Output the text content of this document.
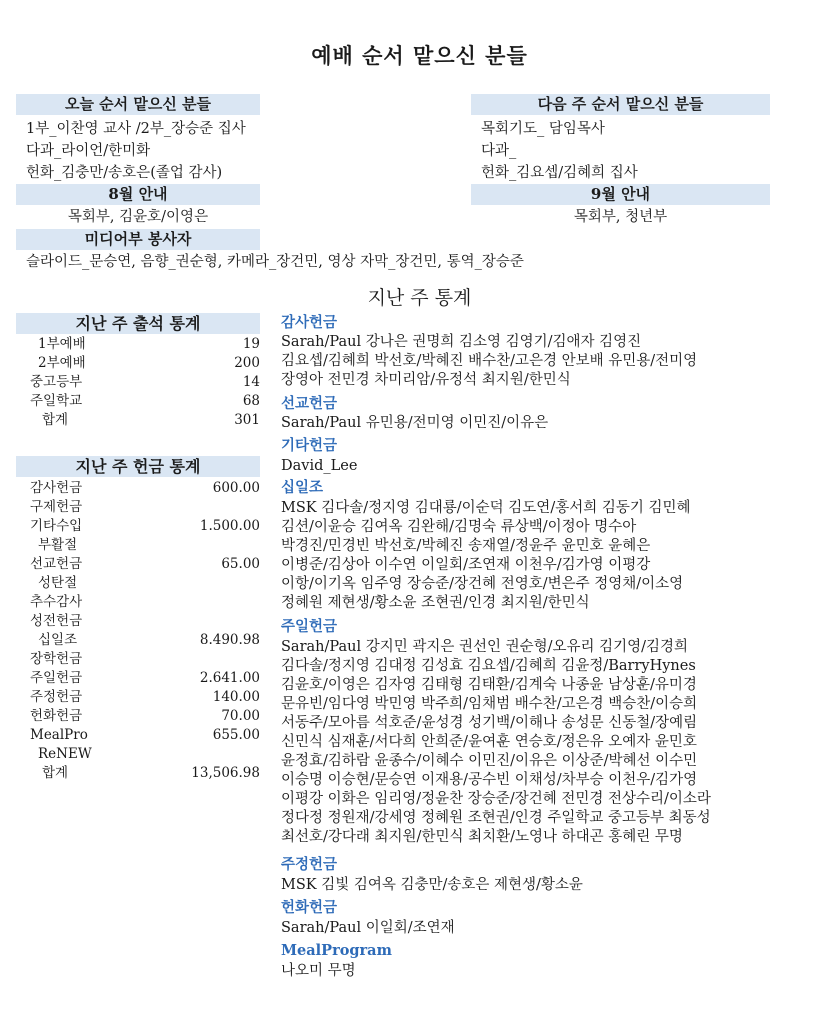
예배 순서 맡으신 분들
오늘 순서 맡으신 분들
1부_이찬영 교사 /2부_장승준 집사
다과_라이언/한미화
헌화_김충만/송호은(졸업 감사)
다음 주 순서 맡으신 분들
목회기도_ 담임목사
다과_
헌화_김요셉/김혜희 집사
8월 안내
목회부, 김윤호/이영은
9월 안내
목회부, 청년부
미디어부 봉사자
슬라이드_문승연, 음향_권순형, 카메라_장건민, 영상 자막_장건민, 통역_장승준
지난 주 통계
지난 주 출석 통계
1부예배	19
2부예배	200
중고등부	14
주일학교	68
합계	301
지난 주 헌금 통계
감사헌금	600.00
구제헌금
기타수입	1.500.00
부활절
선교헌금	65.00
성탄절
추수감사
성전헌금
십일조	8.490.98
장학헌금
주일헌금	2.641.00
주정헌금	140.00
헌화헌금	70.00
MealPro	655.00
ReNEW
합계	13,506.98
감사헌금
Sarah/Paul 강나은 권명희 김소영 김영기/김애자 김영진
김요셉/김혜희 박선호/박혜진 배수찬/고은경 안보배 유민용/전미영
장영아 전민경 차미리암/유정석 최지원/한민식
선교헌금
Sarah/Paul 유민용/전미영 이민진/이유은
기타헌금
David_Lee
십일조
MSK 김다솔/정지영 김대룡/이순덕 김도연/홍서희 김동기 김민혜
김션/이윤승 김여옥 김완해/김명숙 류상백/이정아 명수아
박경진/민경빈 박선호/박혜진 송재열/정윤주 윤민호 윤혜은
이병준/김상아 이수연 이일회/조연재 이천우/김가영 이평강
이항/이기옥 임주영 장승준/장건혜 전영호/변은주 정영채/이소영
정혜원 제현생/황소윤 조현권/인경 최지원/한민식
주일헌금
Sarah/Paul 강지민 곽지은 권선인 권순형/오유리 김기영/김경희
김다솔/정지영 김대정 김성효 김요셉/김혜희 김윤정/BarryHynes
김윤호/이영은 김자영 김태형 김태환/김계숙 나종윤 남상훈/유미경
문유빈/임다영 박민영 박주희/임채범 배수찬/고은경 백승찬/이승희
서동주/모아름 석호준/윤성경 성기백/이해나 송성문 신동철/장예림
신민식 심재훈/서다희 안희준/윤여훈 연승호/정은유 오예자 윤민호
윤정효/김하람 윤종수/이혜수 이민진/이유은 이상준/박혜선 이수민
이승명 이승현/문승연 이재용/공수빈 이채성/차부승 이천우/김가영
이평강 이화은 임리영/정윤찬 장승준/장건혜 전민경 전상수리/이소라
정다정 정원재/강세영 정혜원 조현권/인경 주일학교 중고등부 최동성
최선호/강다래 최지원/한민식 최치환/노영나 하대곤 홍혜린 무명
주정헌금
MSK 김빛 김여옥 김충만/송호은 제현생/황소윤
헌화헌금
Sarah/Paul 이일회/조연재
MealProgram
나오미 무명
